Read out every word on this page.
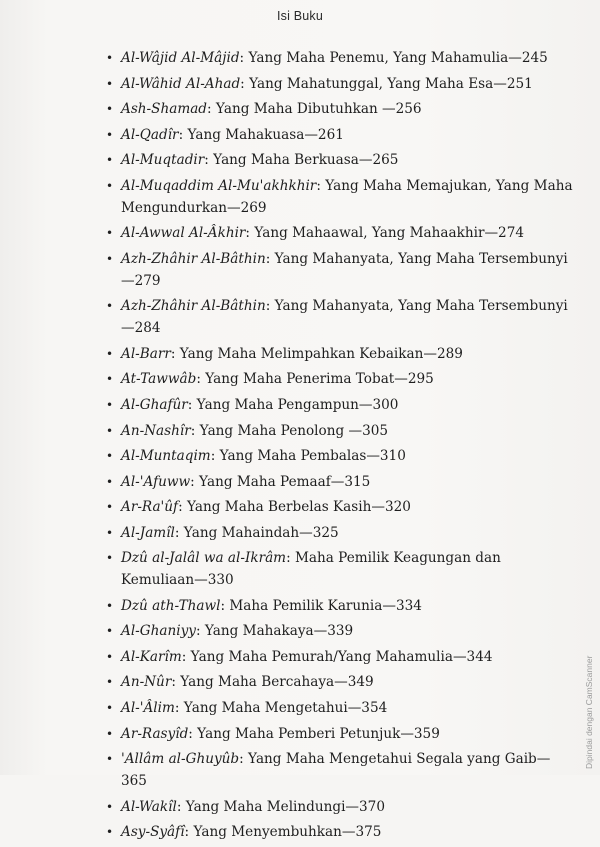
Isi Buku
• Al-Wâjid Al-Mâjid: Yang Maha Penemu, Yang Mahamulia—245
• Al-Wâhid Al-Ahad: Yang Mahatunggal, Yang Maha Esa—251
• Ash-Shamad: Yang Maha Dibutuhkan —256
• Al-Qadîr: Yang Mahakuasa—261
• Al-Muqtadir: Yang Maha Berkuasa—265
• Al-Muqaddim Al-Mu'akhkhir: Yang Maha Memajukan, Yang Maha Mengundurkan—269
• Al-Awwal Al-Âkhir: Yang Mahaawal, Yang Mahaakhir—274
• Azh-Zhâhir Al-Bâthin: Yang Mahanyata, Yang Maha Tersembunyi—279
• Azh-Zhâhir Al-Bâthin: Yang Mahanyata, Yang Maha Tersembunyi—284
• Al-Barr: Yang Maha Melimpahkan Kebaikan—289
• At-Tawwâb: Yang Maha Penerima Tobat—295
• Al-Ghafûr: Yang Maha Pengampun—300
• An-Nashîr: Yang Maha Penolong —305
• Al-Muntaqim: Yang Maha Pembalas—310
• Al-'Afuww: Yang Maha Pemaaf—315
• Ar-Ra'ûf: Yang Maha Berbelas Kasih—320
• Al-Jamîl: Yang Mahaindah—325
• Dzû al-Jalâl wa al-Ikrâm: Maha Pemilik Keagungan dan Kemuliaan—330
• Dzû ath-Thawl: Maha Pemilik Karunia—334
• Al-Ghaniyy: Yang Mahakaya—339
• Al-Karîm: Yang Maha Pemurah/Yang Mahamulia—344
• An-Nûr: Yang Maha Bercahaya—349
• Al-'Âlim: Yang Maha Mengetahui—354
• Ar-Rasyîd: Yang Maha Pemberi Petunjuk—359
• 'Allâm al-Ghuyûb: Yang Maha Mengetahui Segala yang Gaib—365
• Al-Wakîl: Yang Maha Melindungi—370
• Asy-Syâfî: Yang Menyembuhkan—375
Dipindai dengan CamScanner
